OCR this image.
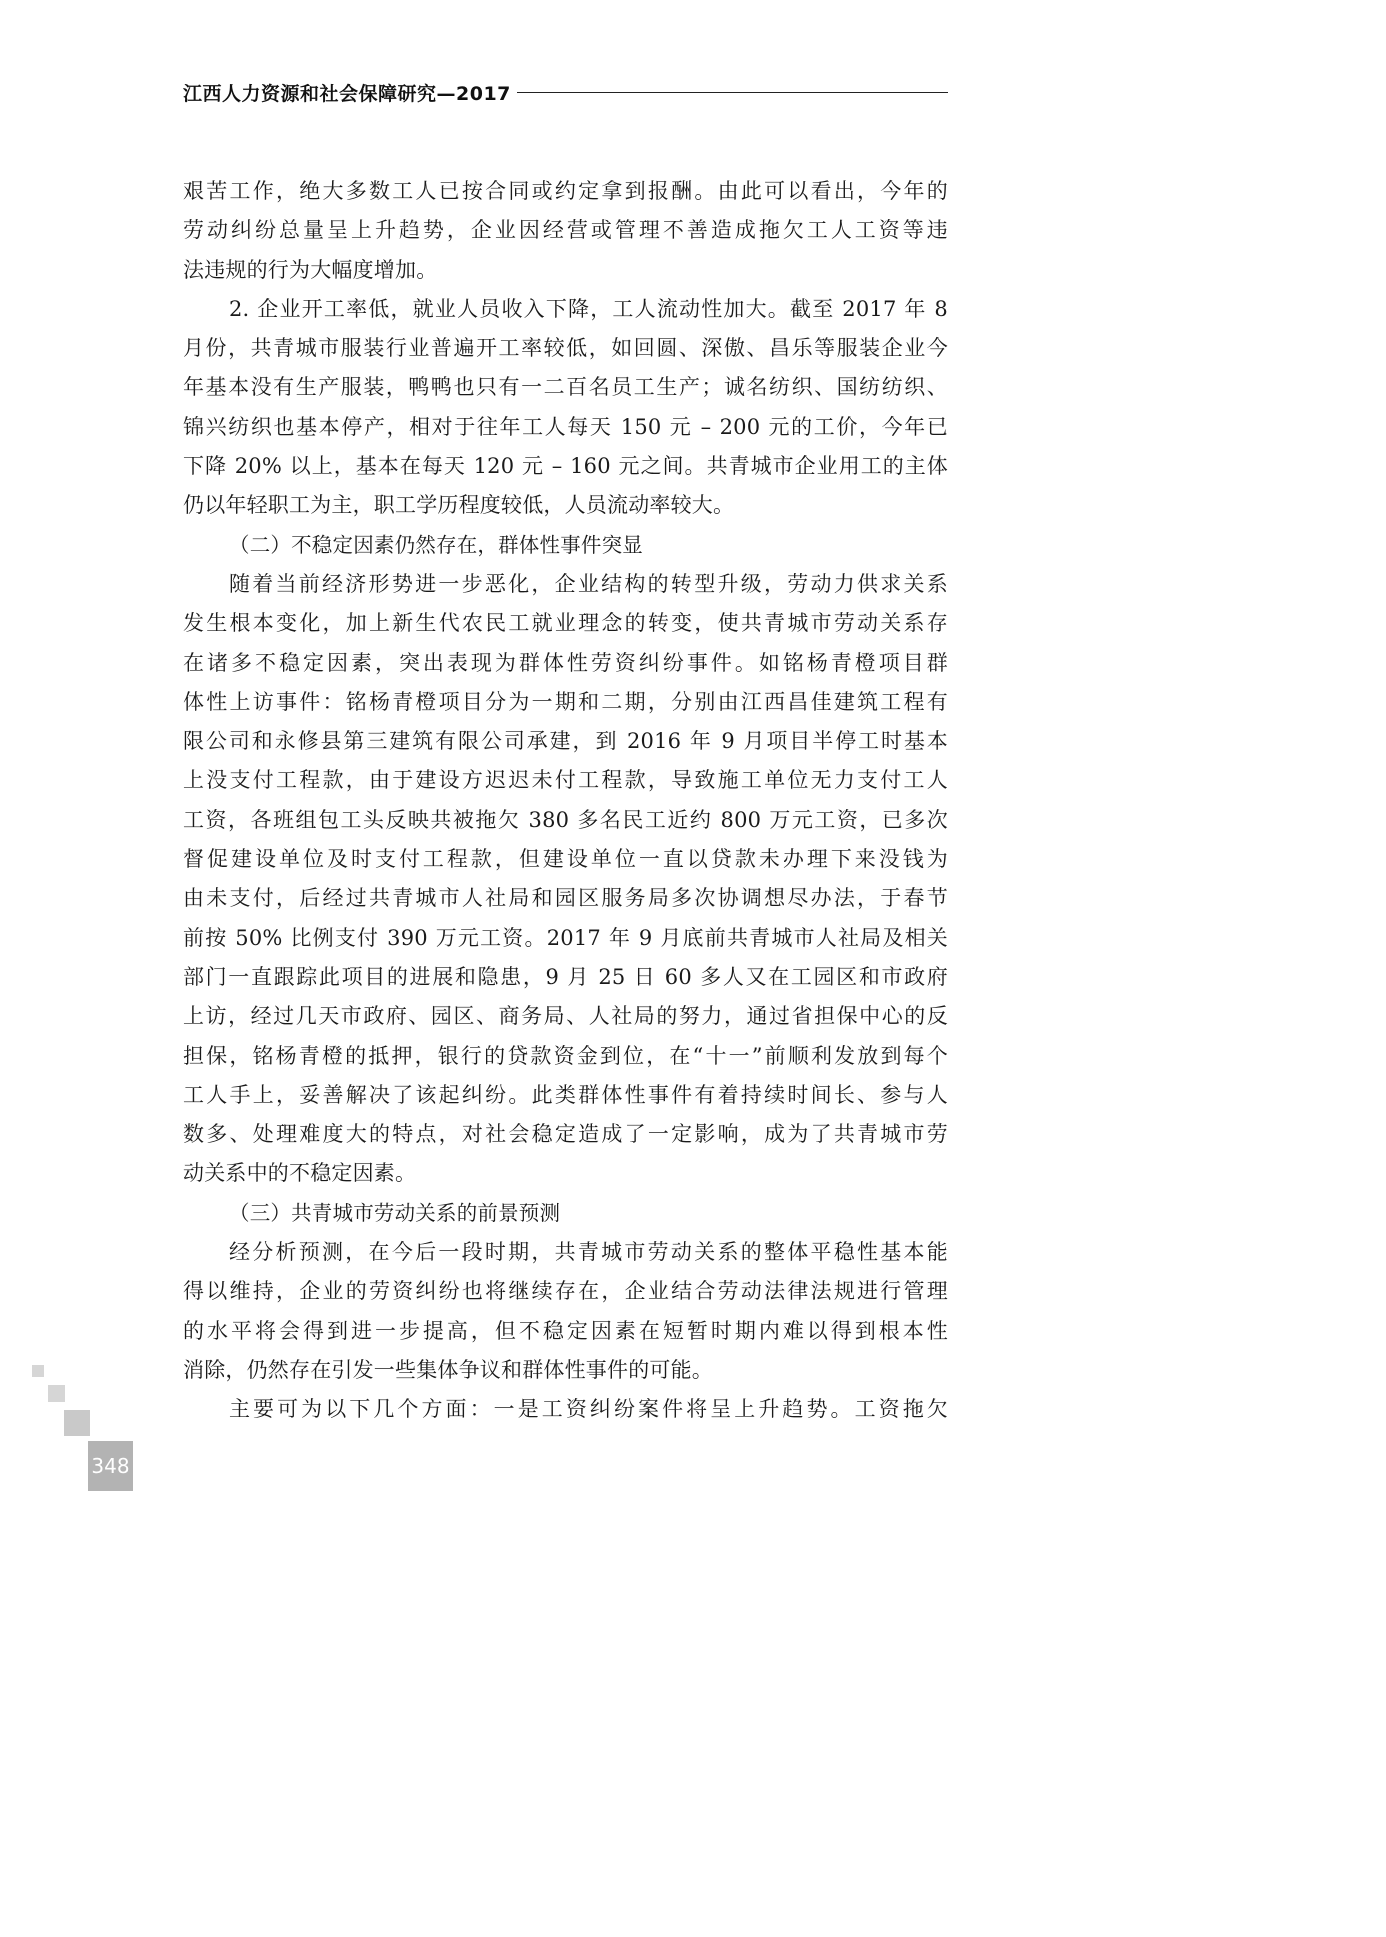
江西人力资源和社会保障研究—2017
艰苦工作，绝大多数工人已按合同或约定拿到报酬。由此可以看出，今年的
劳动纠纷总量呈上升趋势，企业因经营或管理不善造成拖欠工人工资等违
法违规的行为大幅度增加。
2. 企业开工率低，就业人员收入下降，工人流动性加大。截至 2017 年 8
月份，共青城市服装行业普遍开工率较低，如回圆、深傲、昌乐等服装企业今
年基本没有生产服装，鸭鸭也只有一二百名员工生产；诚名纺织、国纺纺织、
锦兴纺织也基本停产，相对于往年工人每天 150 元 – 200 元的工价，今年已
下降 20% 以上，基本在每天 120 元 – 160 元之间。共青城市企业用工的主体
仍以年轻职工为主，职工学历程度较低，人员流动率较大。
（二）不稳定因素仍然存在，群体性事件突显
随着当前经济形势进一步恶化，企业结构的转型升级，劳动力供求关系
发生根本变化，加上新生代农民工就业理念的转变，使共青城市劳动关系存
在诸多不稳定因素，突出表现为群体性劳资纠纷事件。如铭杨青橙项目群
体性上访事件：铭杨青橙项目分为一期和二期，分别由江西昌佳建筑工程有
限公司和永修县第三建筑有限公司承建，到 2016 年 9 月项目半停工时基本
上没支付工程款，由于建设方迟迟未付工程款，导致施工单位无力支付工人
工资，各班组包工头反映共被拖欠 380 多名民工近约 800 万元工资，已多次
督促建设单位及时支付工程款，但建设单位一直以贷款未办理下来没钱为
由未支付，后经过共青城市人社局和园区服务局多次协调想尽办法，于春节
前按 50% 比例支付 390 万元工资。2017 年 9 月底前共青城市人社局及相关
部门一直跟踪此项目的进展和隐患，9 月 25 日 60 多人又在工园区和市政府
上访，经过几天市政府、园区、商务局、人社局的努力，通过省担保中心的反
担保，铭杨青橙的抵押，银行的贷款资金到位，在“十一”前顺利发放到每个
工人手上，妥善解决了该起纠纷。此类群体性事件有着持续时间长、参与人
数多、处理难度大的特点，对社会稳定造成了一定影响，成为了共青城市劳
动关系中的不稳定因素。
（三）共青城市劳动关系的前景预测
经分析预测，在今后一段时期，共青城市劳动关系的整体平稳性基本能
得以维持，企业的劳资纠纷也将继续存在，企业结合劳动法律法规进行管理
的水平将会得到进一步提高，但不稳定因素在短暂时期内难以得到根本性
消除，仍然存在引发一些集体争议和群体性事件的可能。
主要可为以下几个方面：一是工资纠纷案件将呈上升趋势。工资拖欠
348
